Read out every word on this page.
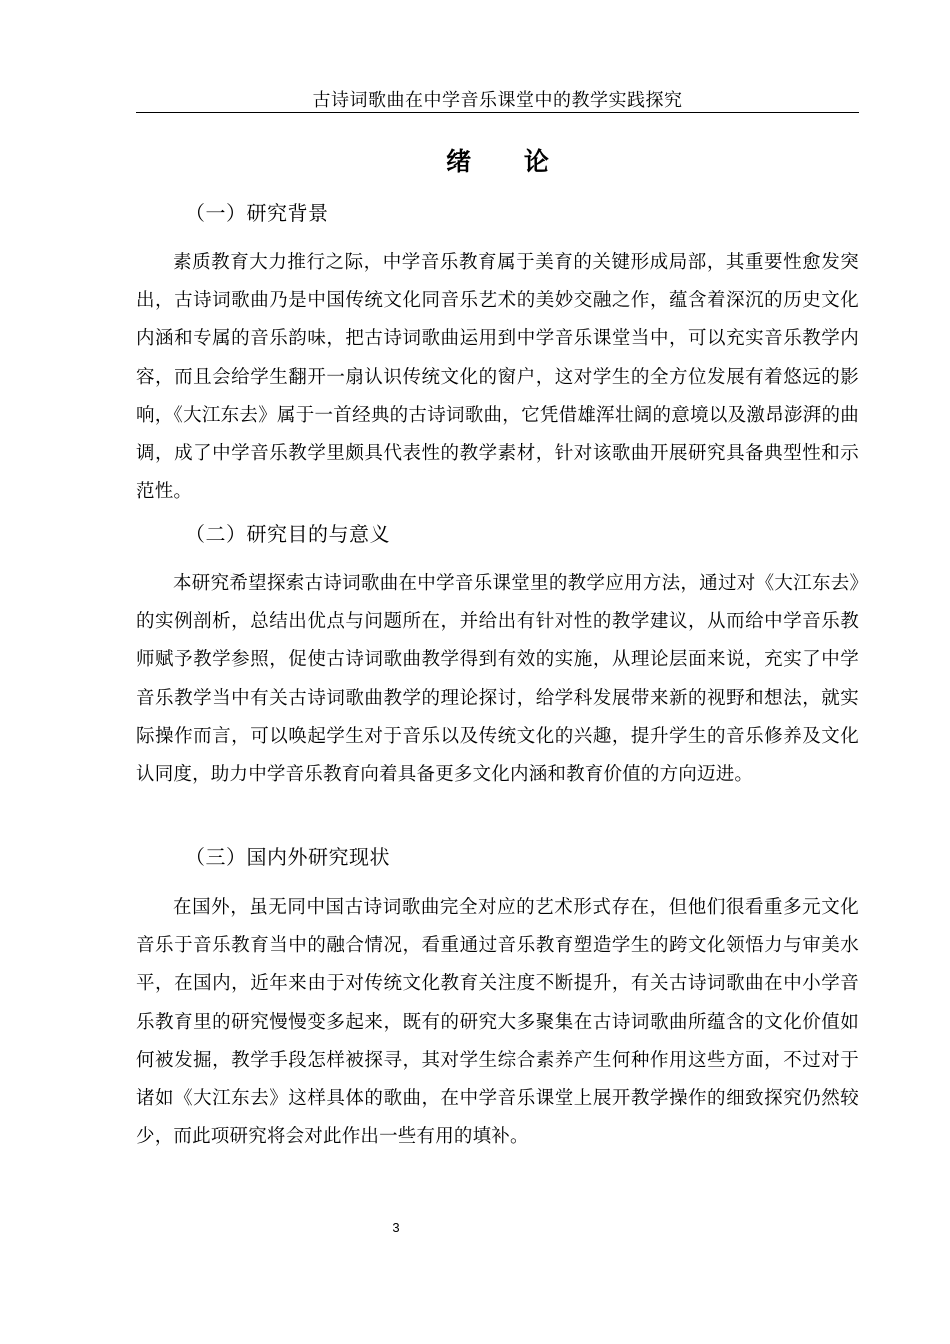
古诗词歌曲在中学音乐课堂中的教学实践探究
绪 论
（一）研究背景

素质教育大力推行之际，中学音乐教育属于美育的关键形成局部，其重要性愈发突出，古诗词歌曲乃是中国传统文化同音乐艺术的美妙交融之作，蕴含着深沉的历史文化内涵和专属的音乐韵味，把古诗词歌曲运用到中学音乐课堂当中，可以充实音乐教学内容，而且会给学生翻开一扇认识传统文化的窗户，这对学生的全方位发展有着悠远的影响，《大江东去》属于一首经典的古诗词歌曲，它凭借雄浑壮阔的意境以及激昂澎湃的曲调，成了中学音乐教学里颇具代表性的教学素材，针对该歌曲开展研究具备典型性和示范性。

（二）研究目的与意义

本研究希望探索古诗词歌曲在中学音乐课堂里的教学应用方法，通过对《大江东去》的实例剖析，总结出优点与问题所在，并给出有针对性的教学建议，从而给中学音乐教师赋予教学参照，促使古诗词歌曲教学得到有效的实施，从理论层面来说，充实了中学音乐教学当中有关古诗词歌曲教学的理论探讨，给学科发展带来新的视野和想法，就实际操作而言，可以唤起学生对于音乐以及传统文化的兴趣，提升学生的音乐修养及文化认同度，助力中学音乐教育向着具备更多文化内涵和教育价值的方向迈进。

（三）国内外研究现状

在国外，虽无同中国古诗词歌曲完全对应的艺术形式存在，但他们很看重多元文化音乐于音乐教育当中的融合情况，看重通过音乐教育塑造学生的跨文化领悟力与审美水平，在国内，近年来由于对传统文化教育关注度不断提升，有关古诗词歌曲在中小学音乐教育里的研究慢慢变多起来，既有的研究大多聚集在古诗词歌曲所蕴含的文化价值如何被发掘，教学手段怎样被探寻，其对学生综合素养产生何种作用这些方面，不过对于诸如《大江东去》这样具体的歌曲，在中学音乐课堂上展开教学操作的细致探究仍然较少，而此项研究将会对此作出一些有用的填补。

3
